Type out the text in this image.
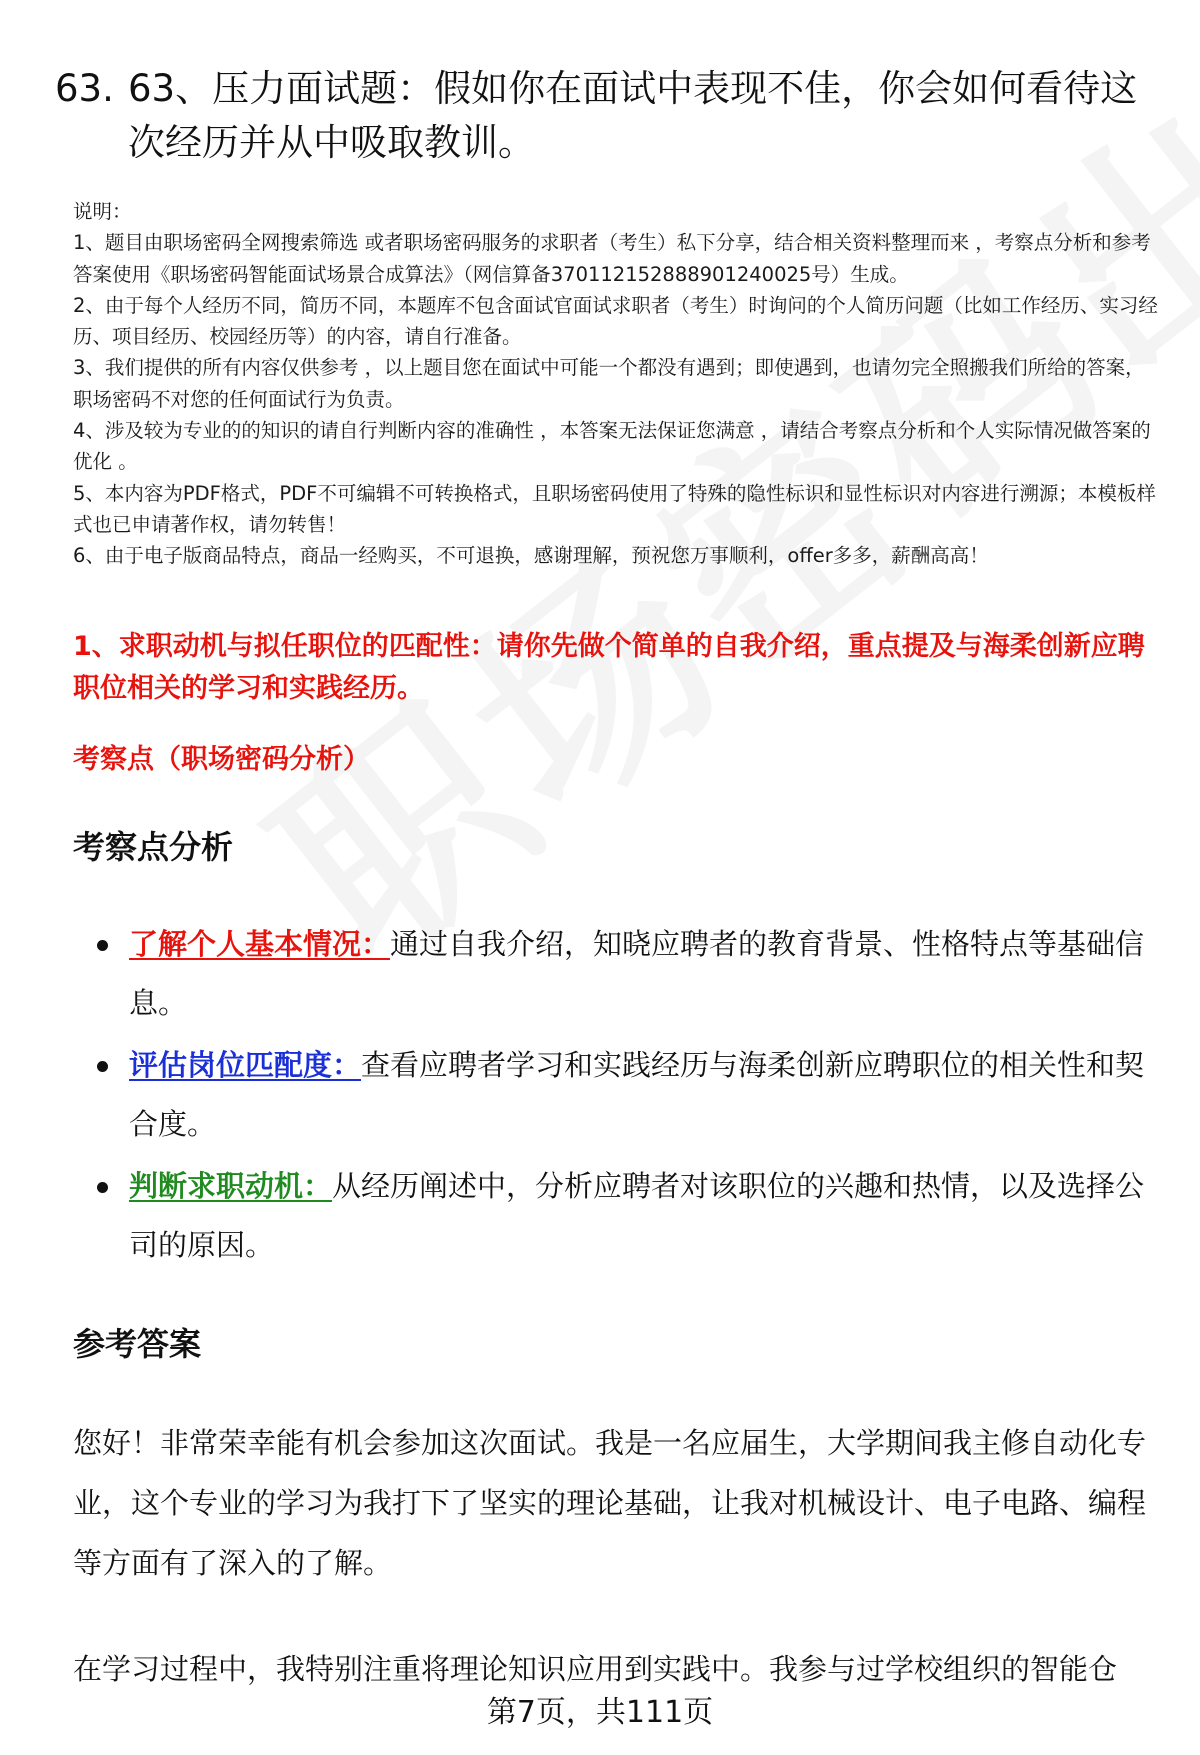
63. 63、压力面试题：假如你在面试中表现不佳，你会如何看待这次经历并从中吸取教训。
说明：
1、题目由职场密码全网搜索筛选 或者职场密码服务的求职者（考生）私下分享，结合相关资料整理而来 ，考察点分析和参考答案使用《职场密码智能面试场景合成算法》（网信算备370112152888901240025号）生成。
2、由于每个人经历不同，简历不同，本题库不包含面试官面试求职者（考生）时询问的个人简历问题（比如工作经历、实习经历、项目经历、校园经历等）的内容，请自行准备。
3、我们提供的所有内容仅供参考 ，以上题目您在面试中可能一个都没有遇到；即使遇到，也请勿完全照搬我们所给的答案，职场密码不对您的任何面试行为负责。
4、涉及较为专业的的知识的请自行判断内容的准确性 ，本答案无法保证您满意 ，请结合考察点分析和个人实际情况做答案的优化 。
5、本内容为PDF格式，PDF不可编辑不可转换格式，且职场密码使用了特殊的隐性标识和显性标识对内容进行溯源；本模板样式也已申请著作权，请勿转售！
6、由于电子版商品特点，商品一经购买，不可退换，感谢理解，预祝您万事顺利，offer多多，薪酬高高！
1、求职动机与拟任职位的匹配性：请你先做个简单的自我介绍，重点提及与海柔创新应聘职位相关的学习和实践经历。
考察点（职场密码分析）
考察点分析
了解个人基本情况：通过自我介绍，知晓应聘者的教育背景、性格特点等基础信息。
评估岗位匹配度：查看应聘者学习和实践经历与海柔创新应聘职位的相关性和契合度。
判断求职动机：从经历阐述中，分析应聘者对该职位的兴趣和热情，以及选择公司的原因。
参考答案

您好！非常荣幸能有机会参加这次面试。我是一名应届生，大学期间我主修自动化专业，这个专业的学习为我打下了坚实的理论基础，让我对机械设计、电子电路、编程等方面有了深入的了解。

在学习过程中，我特别注重将理论知识应用到实践中。我参与过学校组织的智能仓

第7页，共111页
